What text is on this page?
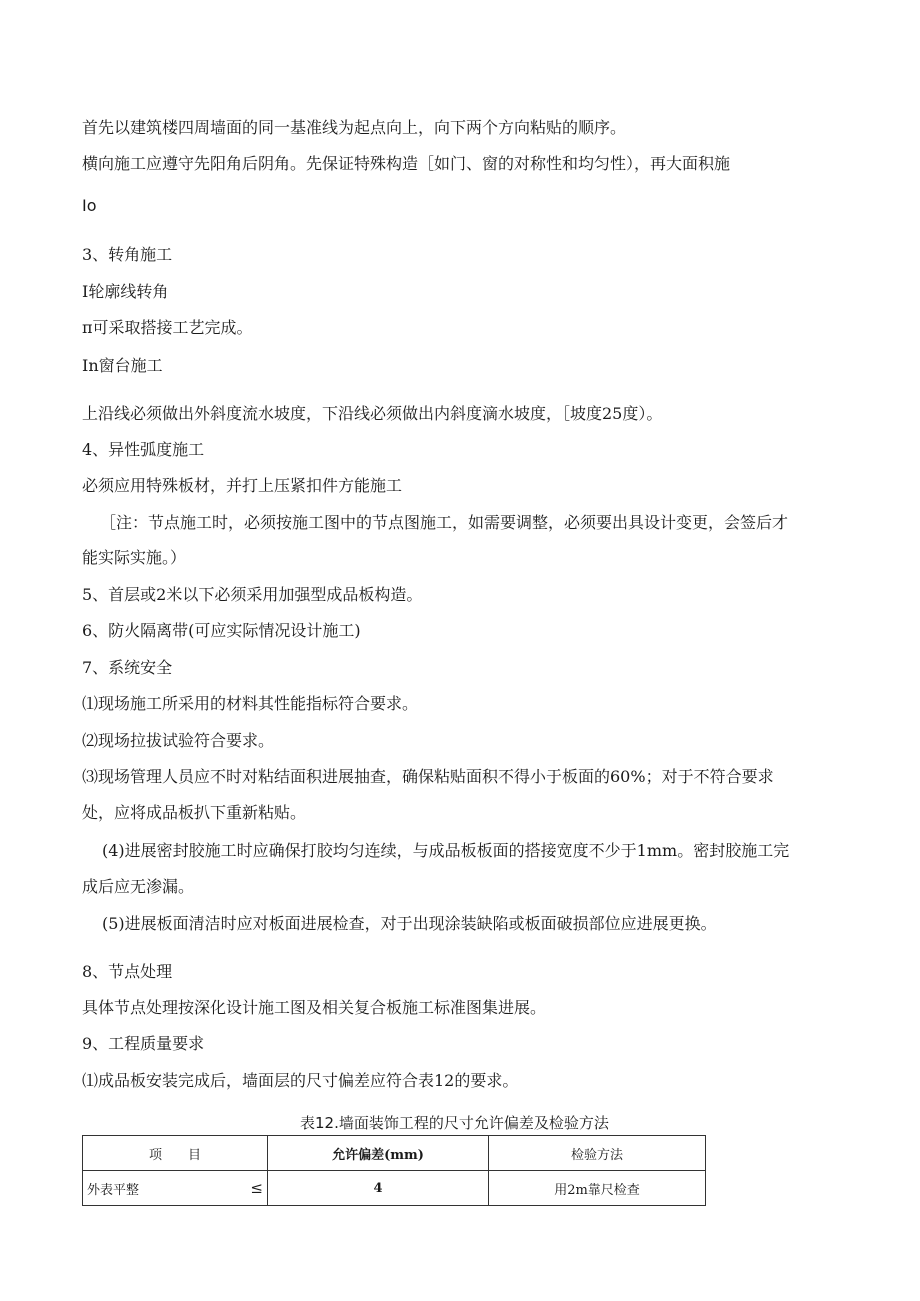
首先以建筑楼四周墙面的同一基准线为起点向上，向下两个方向粘贴的顺序。
横向施工应遵守先阳角后阴角。先保证特殊构造［如门、窗的对称性和均匀性），再大面积施
Io
3、转角施工
I轮廓线转角
π可采取搭接工艺完成。
In窗台施工
上沿线必须做出外斜度流水坡度，下沿线必须做出内斜度滴水坡度，［坡度25度）。
4、异性弧度施工
必须应用特殊板材，并打上压紧扣件方能施工
［注：节点施工时，必须按施工图中的节点图施工，如需要调整，必须要出具设计变更，会签后才
能实际实施。）
5、首层或2米以下必须采用加强型成品板构造。
6、防火隔离带(可应实际情况设计施工)
7、系统安全
⑴现场施工所采用的材料其性能指标符合要求。
⑵现场拉拔试验符合要求。
⑶现场管理人员应不时对粘结面积进展抽查，确保粘贴面积不得小于板面的60%；对于不符合要求
处，应将成品板扒下重新粘贴。
(4)进展密封胶施工时应确保打胶均匀连续，与成品板板面的搭接宽度不少于1mm。密封胶施工完
成后应无渗漏。
(5)进展板面清洁时应对板面进展检查，对于出现涂装缺陷或板面破损部位应进展更换。
8、节点处理
具体节点处理按深化设计施工图及相关复合板施工标准图集进展。
9、工程质量要求
⑴成品板安装完成后，墙面层的尺寸偏差应符合表12的要求。
表12.墙面装饰工程的尺寸允许偏差及检验方法
项　　目	允许偏差(mm)	检验方法
外表平整 ≤	4	用2m靠尺检查
